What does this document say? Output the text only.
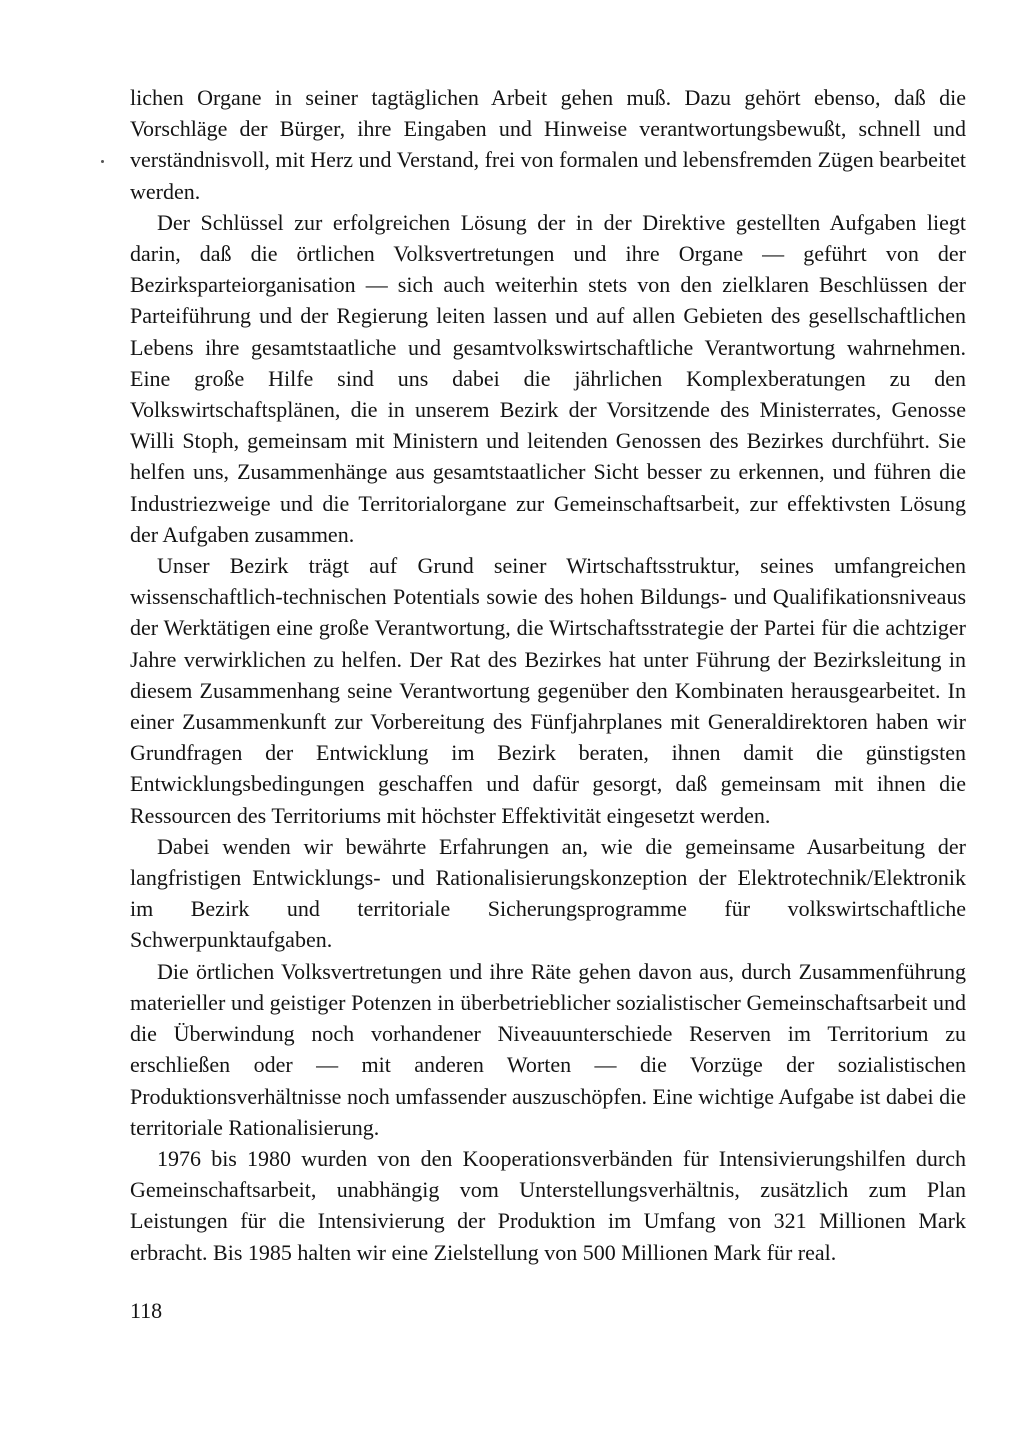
lichen Organe in seiner tagtäglichen Arbeit gehen muß. Dazu gehört ebenso, daß die Vorschläge der Bürger, ihre Eingaben und Hinweise verantwortungsbewußt, schnell und verständnisvoll, mit Herz und Verstand, frei von formalen und lebensfremden Zügen bearbeitet werden.

Der Schlüssel zur erfolgreichen Lösung der in der Direktive gestellten Aufgaben liegt darin, daß die örtlichen Volksvertretungen und ihre Organe — geführt von der Bezirksparteiorganisation — sich auch weiterhin stets von den zielklaren Beschlüssen der Parteiführung und der Regierung leiten lassen und auf allen Gebieten des gesellschaftlichen Lebens ihre gesamtstaatliche und gesamtvolkswirtschaftliche Verantwortung wahrnehmen. Eine große Hilfe sind uns dabei die jährlichen Komplexberatungen zu den Volkswirtschaftsplänen, die in unserem Bezirk der Vorsitzende des Ministerrates, Genosse Willi Stoph, gemeinsam mit Ministern und leitenden Genossen des Bezirkes durchführt. Sie helfen uns, Zusammenhänge aus gesamtstaatlicher Sicht besser zu erkennen, und führen die Industriezweige und die Territorialorgane zur Gemeinschaftsarbeit, zur effektivsten Lösung der Aufgaben zusammen.

Unser Bezirk trägt auf Grund seiner Wirtschaftsstruktur, seines umfangreichen wissenschaftlich-technischen Potentials sowie des hohen Bildungs- und Qualifikationsniveaus der Werktätigen eine große Verantwortung, die Wirtschaftsstrategie der Partei für die achtziger Jahre verwirklichen zu helfen. Der Rat des Bezirkes hat unter Führung der Bezirksleitung in diesem Zusammenhang seine Verantwortung gegenüber den Kombinaten herausgearbeitet. In einer Zusammenkunft zur Vorbereitung des Fünfjahrplanes mit Generaldirektoren haben wir Grundfragen der Entwicklung im Bezirk beraten, ihnen damit die günstigsten Entwicklungsbedingungen geschaffen und dafür gesorgt, daß gemeinsam mit ihnen die Ressourcen des Territoriums mit höchster Effektivität eingesetzt werden.

Dabei wenden wir bewährte Erfahrungen an, wie die gemeinsame Ausarbeitung der langfristigen Entwicklungs- und Rationalisierungskonzeption der Elektrotechnik/Elektronik im Bezirk und territoriale Sicherungsprogramme für volkswirtschaftliche Schwerpunktaufgaben.

Die örtlichen Volksvertretungen und ihre Räte gehen davon aus, durch Zusammenführung materieller und geistiger Potenzen in überbetrieblicher sozialistischer Gemeinschaftsarbeit und die Überwindung noch vorhandener Niveauunterschiede Reserven im Territorium zu erschließen oder — mit anderen Worten — die Vorzüge der sozialistischen Produktionsverhältnisse noch umfassender auszuschöpfen. Eine wichtige Aufgabe ist dabei die territoriale Rationalisierung.

1976 bis 1980 wurden von den Kooperationsverbänden für Intensivierungshilfen durch Gemeinschaftsarbeit, unabhängig vom Unterstellungsverhältnis, zusätzlich zum Plan Leistungen für die Intensivierung der Produktion im Umfang von 321 Millionen Mark erbracht. Bis 1985 halten wir eine Zielstellung von 500 Millionen Mark für real.

118
